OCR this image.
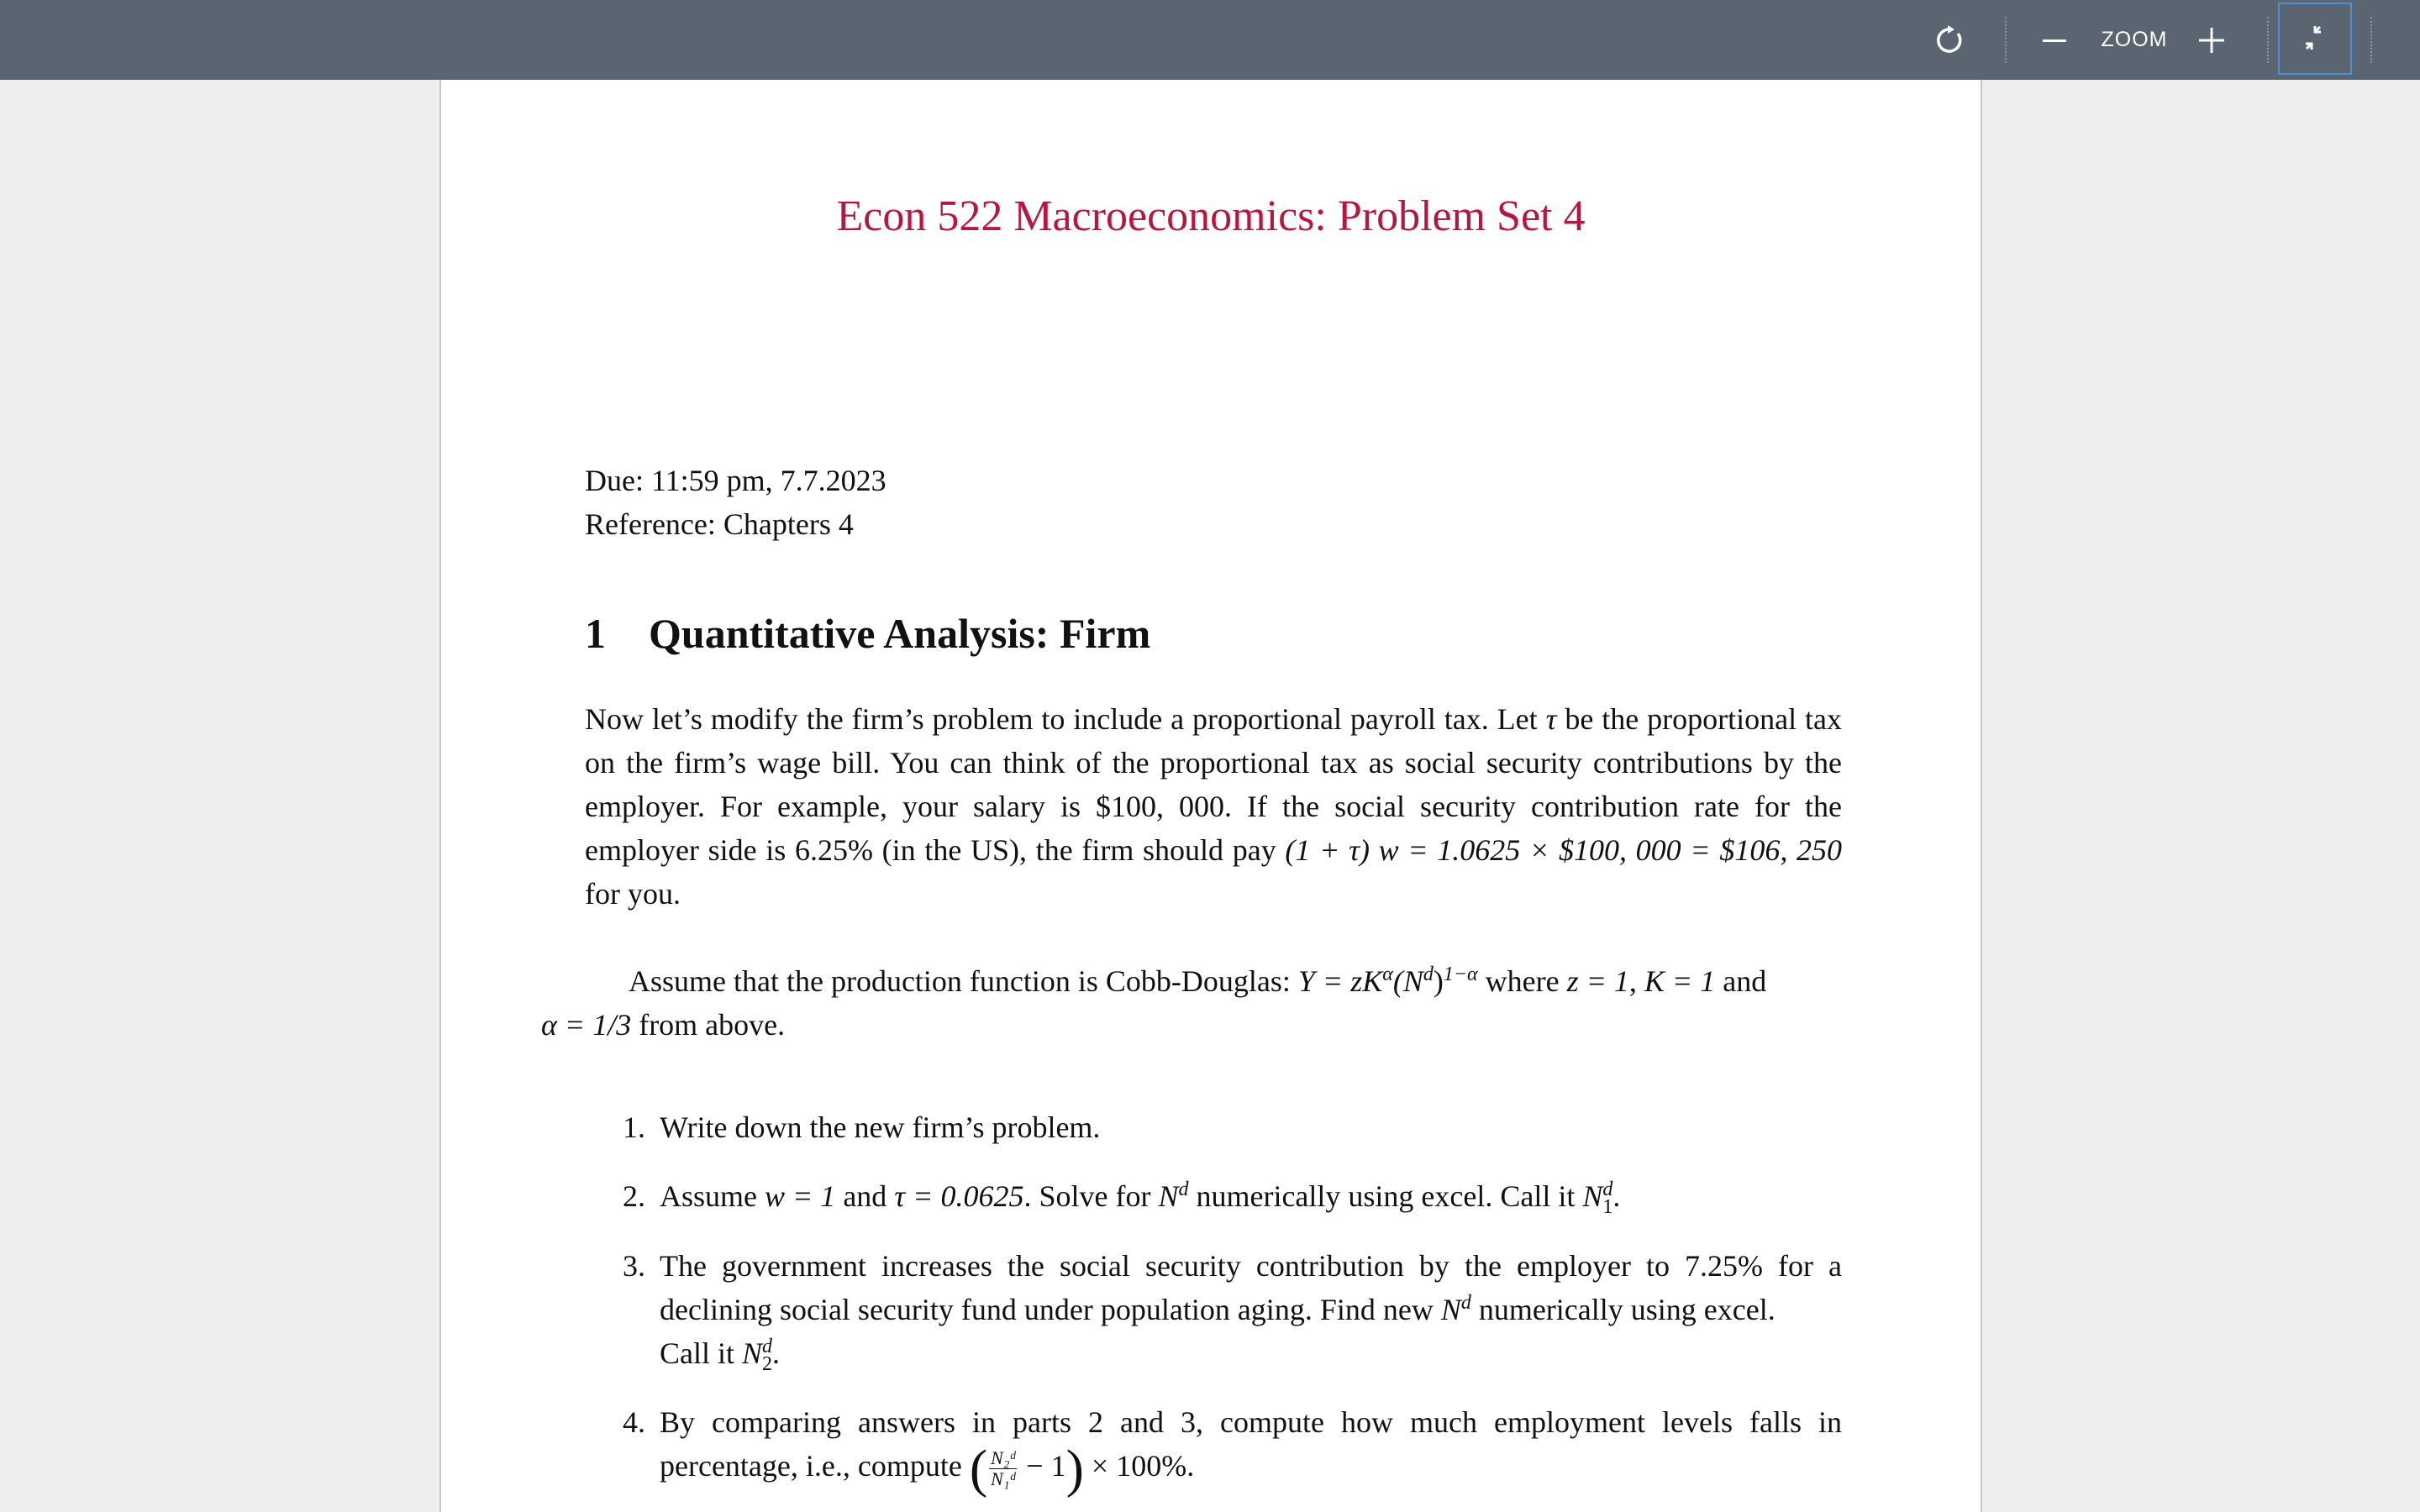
ZOOM
Econ 522 Macroeconomics: Problem Set 4
Due: 11:59 pm, 7.7.2023
Reference: Chapters 4
1 Quantitative Analysis: Firm
Now let’s modify the firm’s problem to include a proportional payroll tax. Let τ be the proportional tax on the firm’s wage bill. You can think of the proportional tax as social security contributions by the employer. For example, your salary is $100, 000. If the social security contribution rate for the employer side is 6.25% (in the US), the firm should pay (1 + τ) w = 1.0625 × $100, 000 = $106, 250 for you.
Assume that the production function is Cobb-Douglas: $Y = zK^\alpha(N^d)^{1-\alpha}$ where z = 1, K = 1 and
α = 1/3 from above.
1. Write down the new firm’s problem.
2. Assume w = 1 and τ = 0.0625. Solve for $N^d$ numerically using excel. Call it $N^d_1$.
3. The government increases the social security contribution by the employer to 7.25% for a declining social security fund under population aging. Find new $N^d$ numerically using excel.
Call it $N^d_2$.
4. By comparing answers in parts 2 and 3, compute how much employment levels falls in percentage, i.e., compute ( $\frac{\text{N₂ᵈ}}{\text{N₁ᵈ}} - 1) \times 100\%$.
